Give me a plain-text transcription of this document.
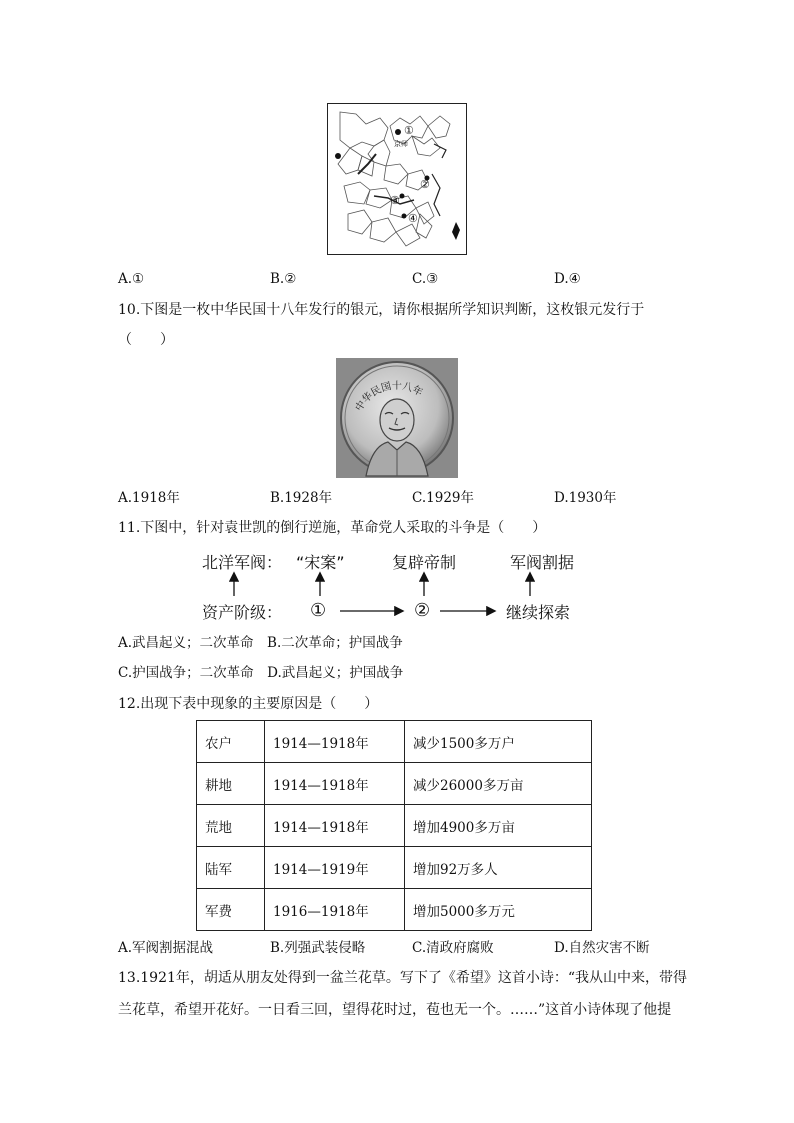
①
京师
②
③
④
A.①	B.②	C.③	D.④
10.下图是一枚中华民国十八年发行的银元，请你根据所学知识判断，这枚银元发行于
（　　）
中华民国十八年
A.1918年	B.1928年	C.1929年	D.1930年
11.下图中，针对袁世凯的倒行逆施，革命党人采取的斗争是（　　）
北洋军阀： “宋案”	复辟帝制	军阀割据
资产阶级： ①	②	继续探索
A.武昌起义；二次革命　B.二次革命；护国战争
C.护国战争；二次革命　D.武昌起义；护国战争
12.出现下表中现象的主要原因是（　　）
农户	1914—1918年	减少1500多万户
耕地	1914—1918年	减少26000多万亩
荒地	1914—1918年	增加4900多万亩
陆军	1914—1919年	增加92万多人
军费	1916—1918年	增加5000多万元
A.军阀割据混战	B.列强武装侵略	C.清政府腐败	D.自然灾害不断
13.1921年，胡适从朋友处得到一盆兰花草。写下了《希望》这首小诗：“我从山中来，带得
兰花草，希望开花好。一日看三回，望得花时过，苞也无一个。……”这首小诗体现了他提
